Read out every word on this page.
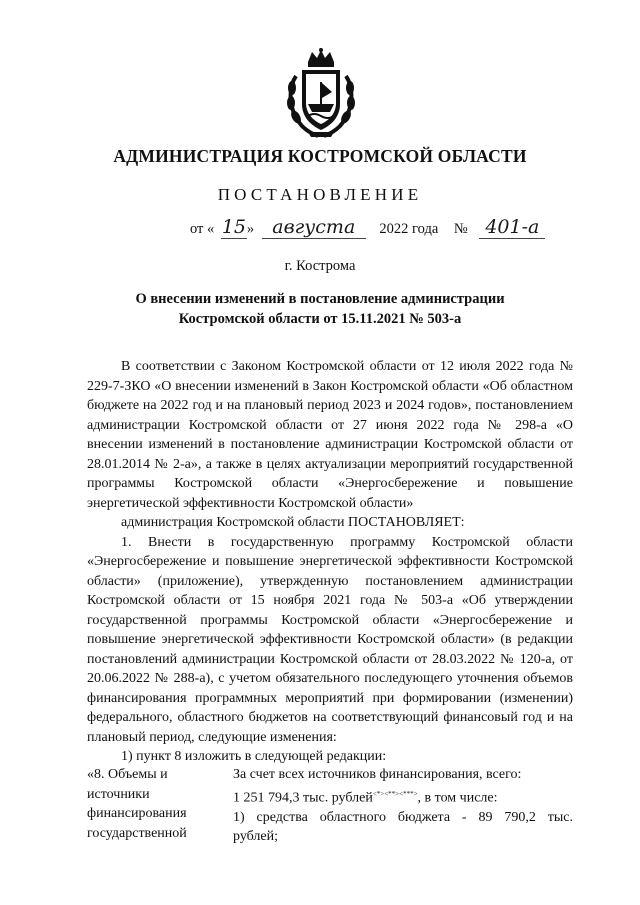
АДМИНИСТРАЦИЯ КОСТРОМСКОЙ ОБЛАСТИ
ПОСТАНОВЛЕНИЕ
от « 15» августа 2022 года № 401-а
г. Кострома
О внесении изменений в постановление администрации
Костромской области от 15.11.2021 № 503-а

В соответствии с Законом Костромской области от 12 июля 2022 года № 229-7-ЗКО «О внесении изменений в Закон Костромской области «Об областном бюджете на 2022 год и на плановый период 2023 и 2024 годов», постановлением администрации Костромской области от 27 июня 2022 года № 298-а «О внесении изменений в постановление администрации Костромской области от 28.01.2014 № 2-а», а также в целях актуализации мероприятий государственной программы Костромской области «Энергосбережение и повышение энергетической эффективности Костромской области»

администрация Костромской области ПОСТАНОВЛЯЕТ:

1. Внести в государственную программу Костромской области «Энергосбережение и повышение энергетической эффективности Костромской области» (приложение), утвержденную постановлением администрации Костромской области от 15 ноября 2021 года № 503-а «Об утверждении государственной программы Костромской области «Энергосбережение и повышение энергетической эффективности Костромской области» (в редакции постановлений администрации Костромской области от 28.03.2022 № 120-а, от 20.06.2022 № 288-а), с учетом обязательного последующего уточнения объемов финансирования программных мероприятий при формировании (изменении) федерального, областного бюджетов на соответствующий финансовый год и на плановый период, следующие изменения:

1) пункт 8 изложить в следующей редакции:

«8. Объемы и
источники
финансирования
государственной

За счет всех источников финансирования, всего:

1 251 794,3 тыс. рублей<*><**><***>, в том числе:

1) средства областного бюджета - 89 790,2 тыс.

рублей;
